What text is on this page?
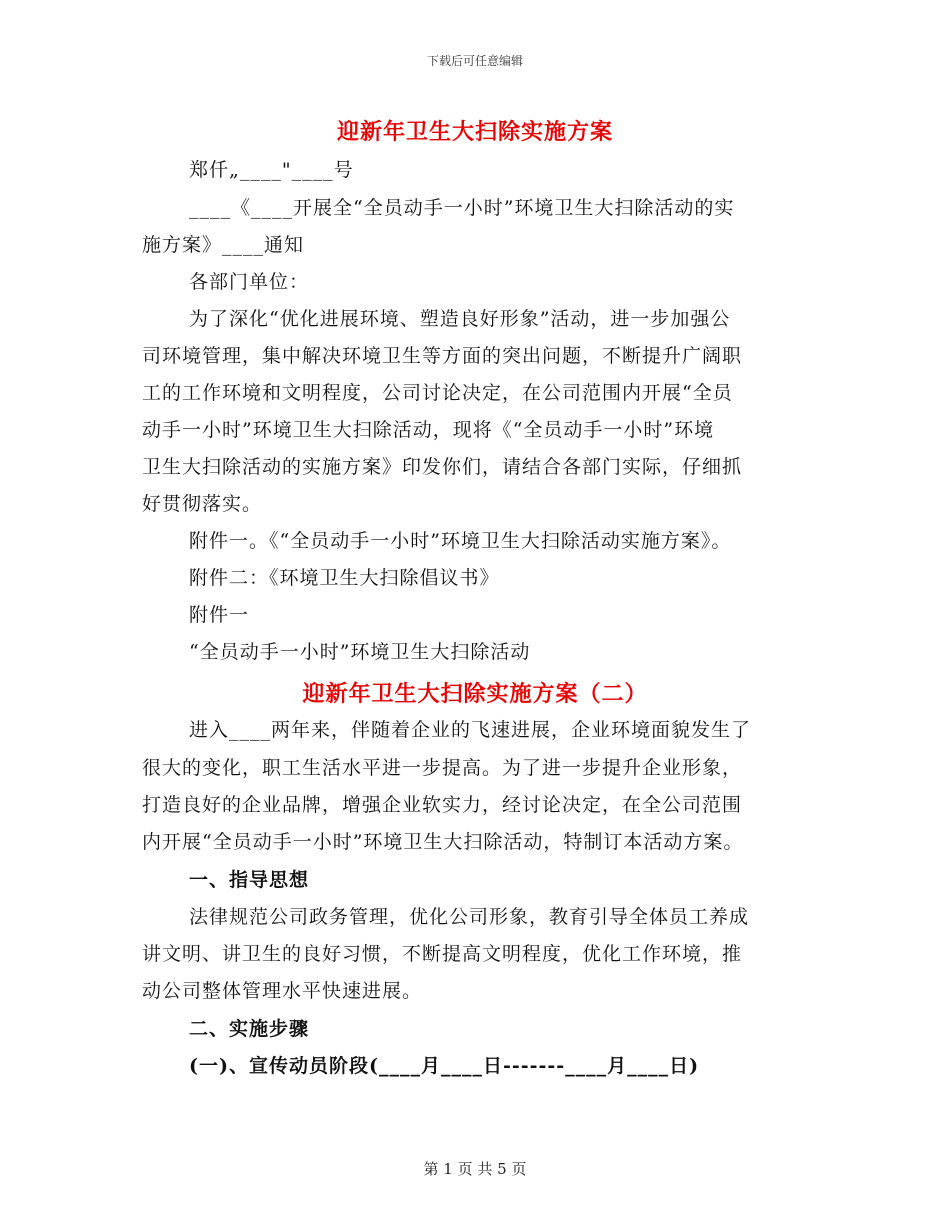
下载后可任意编辑
迎新年卫生大扫除实施方案
郑仟„____"____号
____《____开展全“全员动手一小时”环境卫生大扫除活动的实
施方案》____通知
各部门单位：
为了深化“优化进展环境、塑造良好形象”活动，进一步加强公
司环境管理，集中解决环境卫生等方面的突出问题，不断提升广阔职
工的工作环境和文明程度，公司讨论决定，在公司范围内开展“全员
动手一小时”环境卫生大扫除活动，现将《“全员动手一小时”环境
卫生大扫除活动的实施方案》印发你们，请结合各部门实际，仔细抓
好贯彻落实。
附件一。《“全员动手一小时”环境卫生大扫除活动实施方案》。
附件二：《环境卫生大扫除倡议书》
附件一
“全员动手一小时”环境卫生大扫除活动
迎新年卫生大扫除实施方案（二）
进入____两年来，伴随着企业的飞速进展，企业环境面貌发生了
很大的变化，职工生活水平进一步提高。为了进一步提升企业形象，
打造良好的企业品牌，增强企业软实力，经讨论决定，在全公司范围
内开展“全员动手一小时”环境卫生大扫除活动，特制订本活动方案。
一、指导思想
法律规范公司政务管理，优化公司形象，教育引导全体员工养成
讲文明、讲卫生的良好习惯，不断提高文明程度，优化工作环境，推
动公司整体管理水平快速进展。
二、实施步骤
(一)、宣传动员阶段(____月____日-------____月____日)
第 1 页 共 5 页
